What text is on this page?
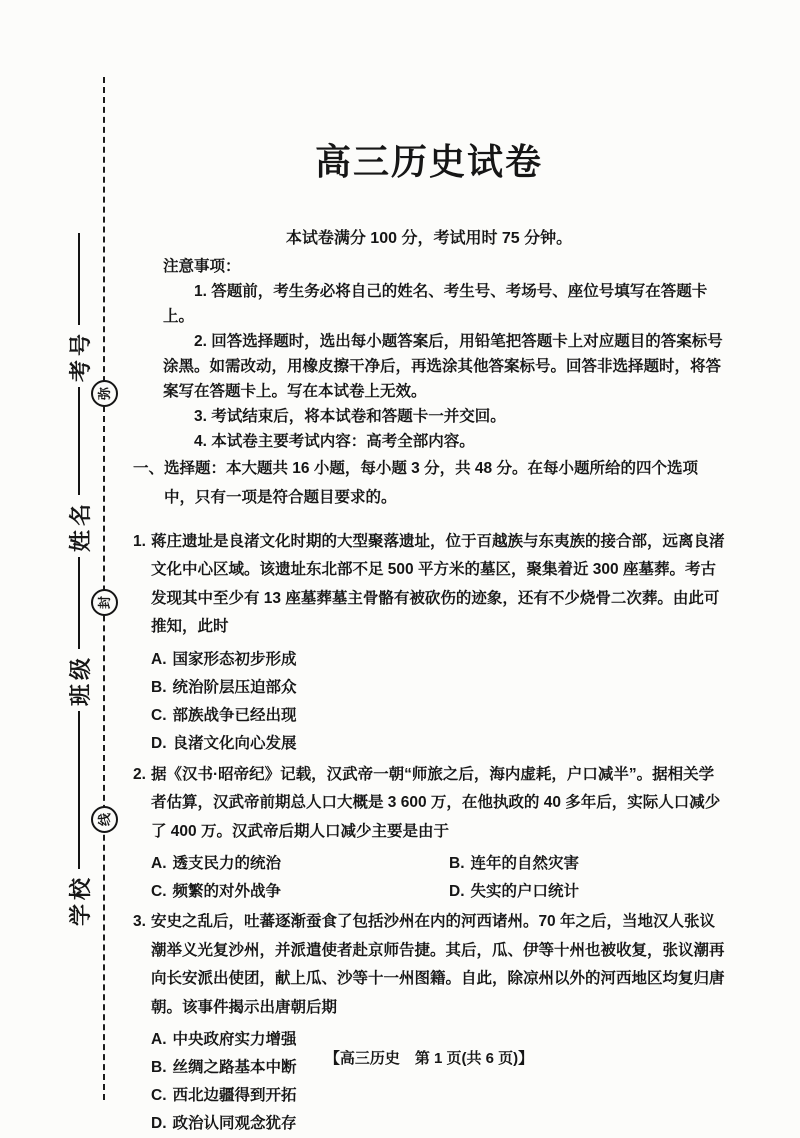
弥
封
线
学校
班级
姓名
考号
高三历史试卷
本试卷满分 100 分，考试用时 75 分钟。
注意事项：

1. 答题前，考生务必将自己的姓名、考生号、考场号、座位号填写在答题卡上。

2. 回答选择题时，选出每小题答案后，用铅笔把答题卡上对应题目的答案标号涂黑。如需改动，用橡皮擦干净后，再选涂其他答案标号。回答非选择题时，将答案写在答题卡上。写在本试卷上无效。

3. 考试结束后，将本试卷和答题卡一并交回。

4. 本试卷主要考试内容：高考全部内容。

一、选择题：本大题共 16 小题，每小题 3 分，共 48 分。在每小题所给的四个选项中，只有一项是符合题目要求的。

1. 蒋庄遗址是良渚文化时期的大型聚落遗址，位于百越族与东夷族的接合部，远离良渚文化中心区域。该遗址东北部不足 500 平方米的墓区，聚集着近 300 座墓葬。考古发现其中至少有 13 座墓葬墓主骨骼有被砍伤的迹象，还有不少烧骨二次葬。由此可推知，此时

A. 国家形态初步形成
B. 统治阶层压迫部众
C. 部族战争已经出现
D. 良渚文化向心发展

2. 据《汉书·昭帝纪》记载，汉武帝一朝“师旅之后，海内虚耗，户口减半”。据相关学者估算，汉武帝前期总人口大概是 3 600 万，在他执政的 40 多年后，实际人口减少了 400 万。汉武帝后期人口减少主要是由于

A. 透支民力的统治	B. 连年的自然灾害
C. 频繁的对外战争	D. 失实的户口统计

3. 安史之乱后，吐蕃逐渐蚕食了包括沙州在内的河西诸州。70 年之后，当地汉人张议潮举义光复沙州，并派遣使者赴京师告捷。其后，瓜、伊等十州也被收复，张议潮再向长安派出使团，献上瓜、沙等十一州图籍。自此，除凉州以外的河西地区均复归唐朝。该事件揭示出唐朝后期

A. 中央政府实力增强
B. 丝绸之路基本中断
C. 西北边疆得到开拓
D. 政治认同观念犹存
【高三历史　第 1 页(共 6 页)】
